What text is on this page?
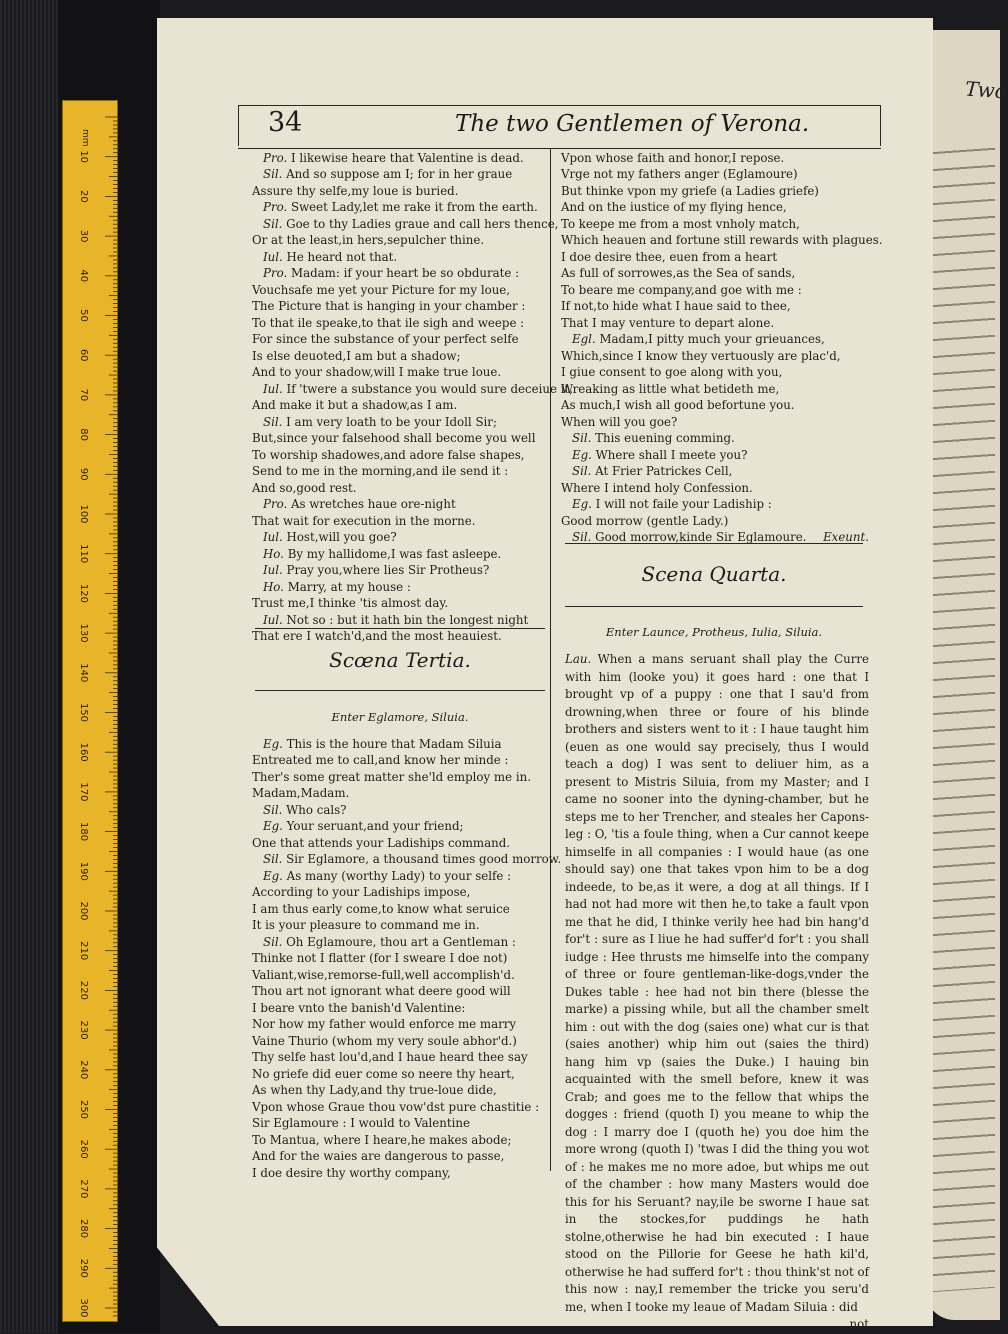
mm
10
20
30
40
50
60
70
80
90
100
110
120
130
140
150
160
170
180
190
200
210
220
230
240
250
260
270
280
290
300
Two
34	The two Gentlemen of Verona.

Pro. I likewise heare that Valentine is dead.

Sil. And so suppose am I; for in her graue

Assure thy selfe,my loue is buried.

Pro. Sweet Lady,let me rake it from the earth.

Sil. Goe to thy Ladies graue and call hers thence,

Or at the least,in hers,sepulcher thine.

Iul. He heard not that.

Pro. Madam: if your heart be so obdurate :

Vouchsafe me yet your Picture for my loue,

The Picture that is hanging in your chamber :

To that ile speake,to that ile sigh and weepe :

For since the substance of your perfect selfe

Is else deuoted,I am but a shadow;

And to your shadow,will I make true loue.

Iul. If 'twere a substance you would sure deceiue it,

And make it but a shadow,as I am.

Sil. I am very loath to be your Idoll Sir;

But,since your falsehood shall become you well

To worship shadowes,and adore false shapes,

Send to me in the morning,and ile send it :

And so,good rest.

Pro. As wretches haue ore-night

That wait for execution in the morne.

Iul. Host,will you goe?

Ho. By my hallidome,I was fast asleepe.

Iul. Pray you,where lies Sir Protheus?

Ho. Marry, at my house :

Trust me,I thinke 'tis almost day.

Iul. Not so : but it hath bin the longest night

That ere I watch'd,and the most heauiest.

Scœna Tertia.
Enter Eglamore, Siluia.

Eg. This is the houre that Madam Siluia

Entreated me to call,and know her minde :

Ther's some great matter she'ld employ me in.

Madam,Madam.

Sil. Who cals?

Eg. Your seruant,and your friend;

One that attends your Ladiships command.

Sil. Sir Eglamore, a thousand times good morrow.

Eg. As many (worthy Lady) to your selfe :

According to your Ladiships impose,

I am thus early come,to know what seruice

It is your pleasure to command me in.

Sil. Oh Eglamoure, thou art a Gentleman :

Thinke not I flatter (for I sweare I doe not)

Valiant,wise,remorse-full,well accomplish'd.

Thou art not ignorant what deere good will

I beare vnto the banish'd Valentine:

Nor how my father would enforce me marry

Vaine Thurio (whom my very soule abhor'd.)

Thy selfe hast lou'd,and I haue heard thee say

No griefe did euer come so neere thy heart,

As when thy Lady,and thy true-loue dide,

Vpon whose Graue thou vow'dst pure chastitie :

Sir Eglamoure : I would to Valentine

To Mantua, where I heare,he makes abode;

And for the waies are dangerous to passe,

I doe desire thy worthy company,

Vpon whose faith and honor,I repose.

Vrge not my fathers anger (Eglamoure)

But thinke vpon my griefe (a Ladies griefe)

And on the iustice of my flying hence,

To keepe me from a most vnholy match,

Which heauen and fortune still rewards with plagues.

I doe desire thee, euen from a heart

As full of sorrowes,as the Sea of sands,

To beare me company,and goe with me :

If not,to hide what I haue said to thee,

That I may venture to depart alone.

Egl. Madam,I pitty much your grieuances,

Which,since I know they vertuously are plac'd,

I giue consent to goe along with you,

Wreaking as little what betideth me,

As much,I wish all good befortune you.

When will you goe?

Sil. This euening comming.

Eg. Where shall I meete you?

Sil. At Frier Patrickes Cell,

Where I intend holy Confession.

Eg. I will not faile your Ladiship :

Good morrow (gentle Lady.)

Sil. Good morrow,kinde Sir Eglamoure. Exeunt.

Scena Quarta.
Enter Launce, Protheus, Iulia, Siluia.
Lau. When a mans seruant shall play the Curre with him (looke you) it goes hard : one that I brought vp of a puppy : one that I sau'd from drowning,when three or foure of his blinde brothers and sisters went to it : I haue taught him (euen as one would say precisely, thus I would teach a dog) I was sent to deliuer him, as a present to Mistris Siluia, from my Master; and I came no sooner into the dyning-chamber, but he steps me to her Trencher, and steales her Capons-leg : O, 'tis a foule thing, when a Cur cannot keepe himselfe in all companies : I would haue (as one should say) one that takes vpon him to be a dog indeede, to be,as it were, a dog at all things. If I had not had more wit then he,to take a fault vpon me that he did, I thinke verily hee had bin hang'd for't : sure as I liue he had suffer'd for't : you shall iudge : Hee thrusts me himselfe into the company of three or foure gentleman-like-dogs,vnder the Dukes table : hee had not bin there (blesse the marke) a pissing while, but all the chamber smelt him : out with the dog (saies one) what cur is that (saies another) whip him out (saies the third) hang him vp (saies the Duke.) I hauing bin acquainted with the smell before, knew it was Crab; and goes me to the fellow that whips the dogges : friend (quoth I) you meane to whip the dog : I marry doe I (quoth he) you doe him the more wrong (quoth I) 'twas I did the thing you wot of : he makes me no more adoe, but whips me out of the chamber : how many Masters would doe this for his Seruant? nay,ile be sworne I haue sat in the stockes,for puddings he hath stolne,otherwise he had bin executed : I haue stood on the Pillorie for Geese he hath kil'd, otherwise he had sufferd for't : thou think'st not of this now : nay,I remember the tricke you seru'd me, when I tooke my leaue of Madam Siluia : did
not
